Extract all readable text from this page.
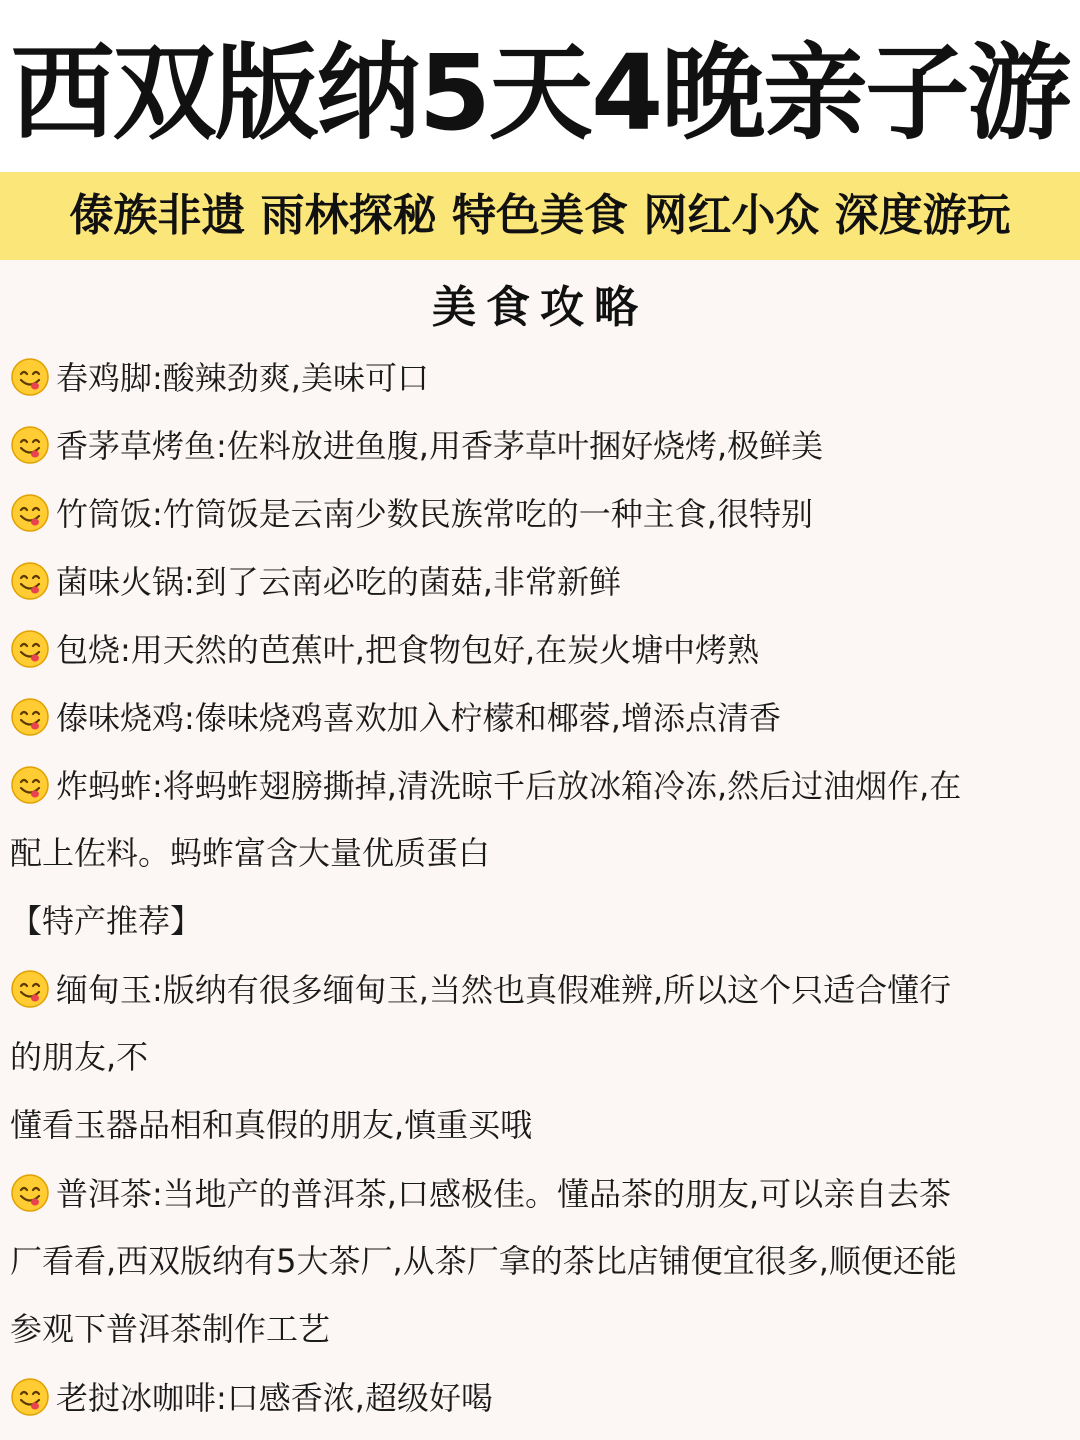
西双版纳5天4晚亲子游
傣族非遗 雨林探秘 特色美食 网红小众 深度游玩
美食攻略
春鸡脚:酸辣劲爽,美味可口
香茅草烤鱼:佐料放进鱼腹,用香茅草叶捆好烧烤,极鲜美
竹筒饭:竹筒饭是云南少数民族常吃的一种主食,很特别
菌味火锅:到了云南必吃的菌菇,非常新鲜
包烧:用天然的芭蕉叶,把食物包好,在炭火塘中烤熟
傣味烧鸡:傣味烧鸡喜欢加入柠檬和椰蓉,增添点清香
炸蚂蚱:将蚂蚱翅膀撕掉,清洗晾千后放冰箱冷冻,然后过油烟作,在
配上佐料。蚂蚱富含大量优质蛋白
【特产推荐】
缅甸玉:版纳有很多缅甸玉,当然也真假难辨,所以这个只适合懂行
的朋友,不
懂看玉器品相和真假的朋友,慎重买哦
普洱茶:当地产的普洱茶,口感极佳。懂品茶的朋友,可以亲自去茶
厂看看,西双版纳有5大茶厂,从茶厂拿的茶比店铺便宜很多,顺便还能
参观下普洱茶制作工艺
老挝冰咖啡:口感香浓,超级好喝
